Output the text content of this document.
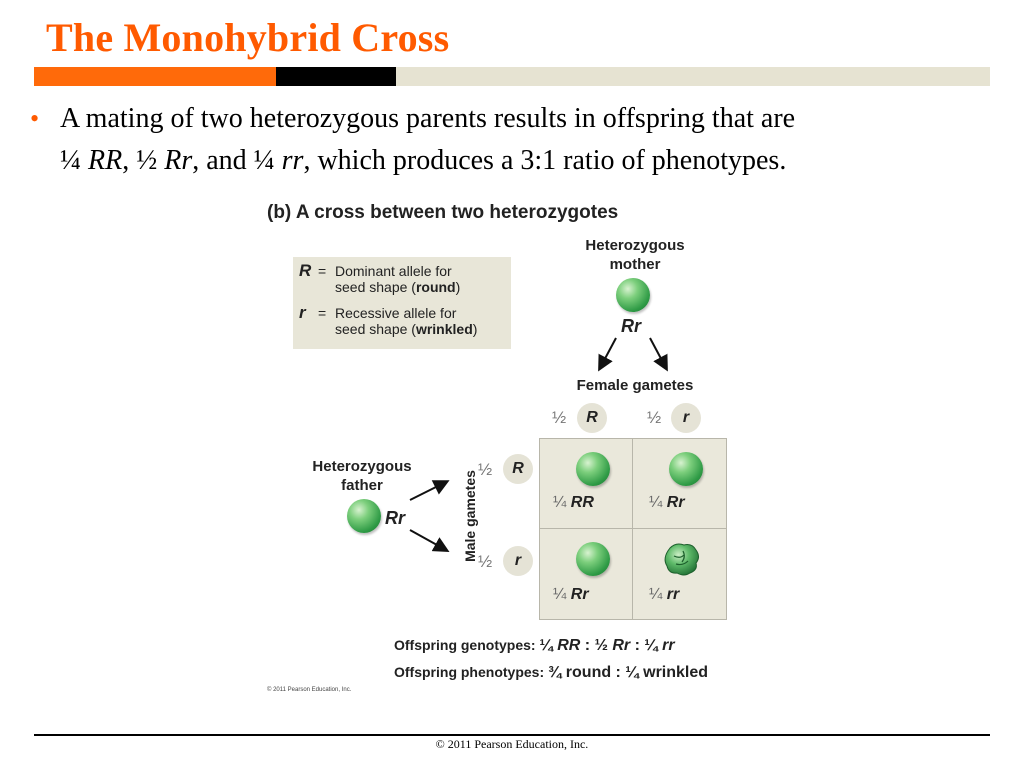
The Monohybrid Cross
• A mating of two heterozygous parents results in offspring that are
¼ RR, ½ Rr, and ¼ rr, which produces a 3:1 ratio of phenotypes.
(b) A cross between two heterozygotes
R = Dominant allele for
seed shape (round)
r = Recessive allele for
seed shape (wrinkled)
Heterozygous
mother
Rr
Female gametes
½	R	½	r
Heterozygous
father
Rr	Male gametes
½	R
½	r
¼ RR	¼ Rr
¼ Rr	¼ rr
Offspring genotypes: ¼ RR : ½ Rr : ¼ rr
Offspring phenotypes: ¾ round : ¼ wrinkled
© 2011 Pearson Education, Inc.
© 2011 Pearson Education, Inc.
